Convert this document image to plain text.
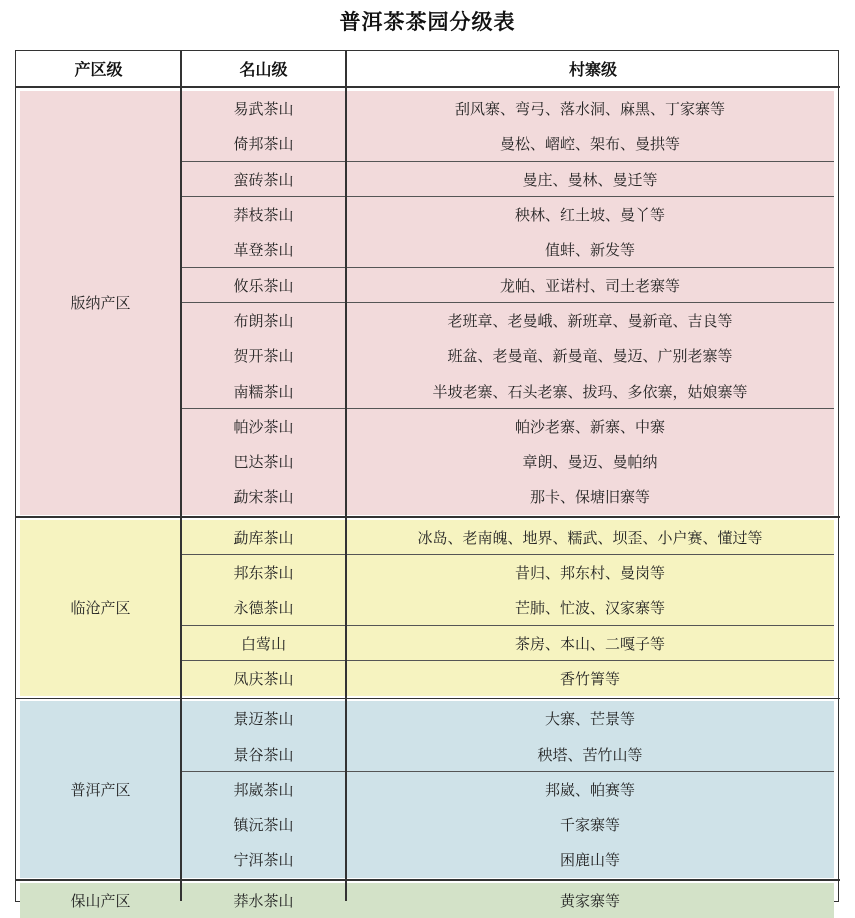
普洱茶茶园分级表
产区级	名山级	村寨级
版纳产区
易武茶山	刮风寨、弯弓、落水洞、麻黑、丁家寨等
倚邦茶山	曼松、嶍崆、架布、曼拱等
蛮砖茶山	曼庄、曼林、曼迁等
莽枝茶山	秧林、红土坡、曼丫等
革登茶山	值蚌、新发等
攸乐茶山	龙帕、亚诺村、司土老寨等
布朗茶山	老班章、老曼峨、新班章、曼新竜、吉良等
贺开茶山	班盆、老曼竜、新曼竜、曼迈、广别老寨等
南糯茶山	半坡老寨、石头老寨、拔玛、多依寨，姑娘寨等
帕沙茶山	帕沙老寨、新寨、中寨
巴达茶山	章朗、曼迈、曼帕纳
勐宋茶山	那卡、保塘旧寨等
临沧产区
勐库茶山	冰岛、老南魄、地界、糯武、坝歪、小户赛、懂过等
邦东茶山	昔归、邦东村、曼岗等
永德茶山	芒肺、忙波、汉家寨等
白莺山	茶房、本山、二嘎子等
凤庆茶山	香竹箐等
普洱产区
景迈茶山	大寨、芒景等
景谷茶山	秧塔、苦竹山等
邦崴茶山	邦崴、帕赛等
镇沅茶山	千家寨等
宁洱茶山	困鹿山等
保山产区	莽水茶山	黄家寨等
